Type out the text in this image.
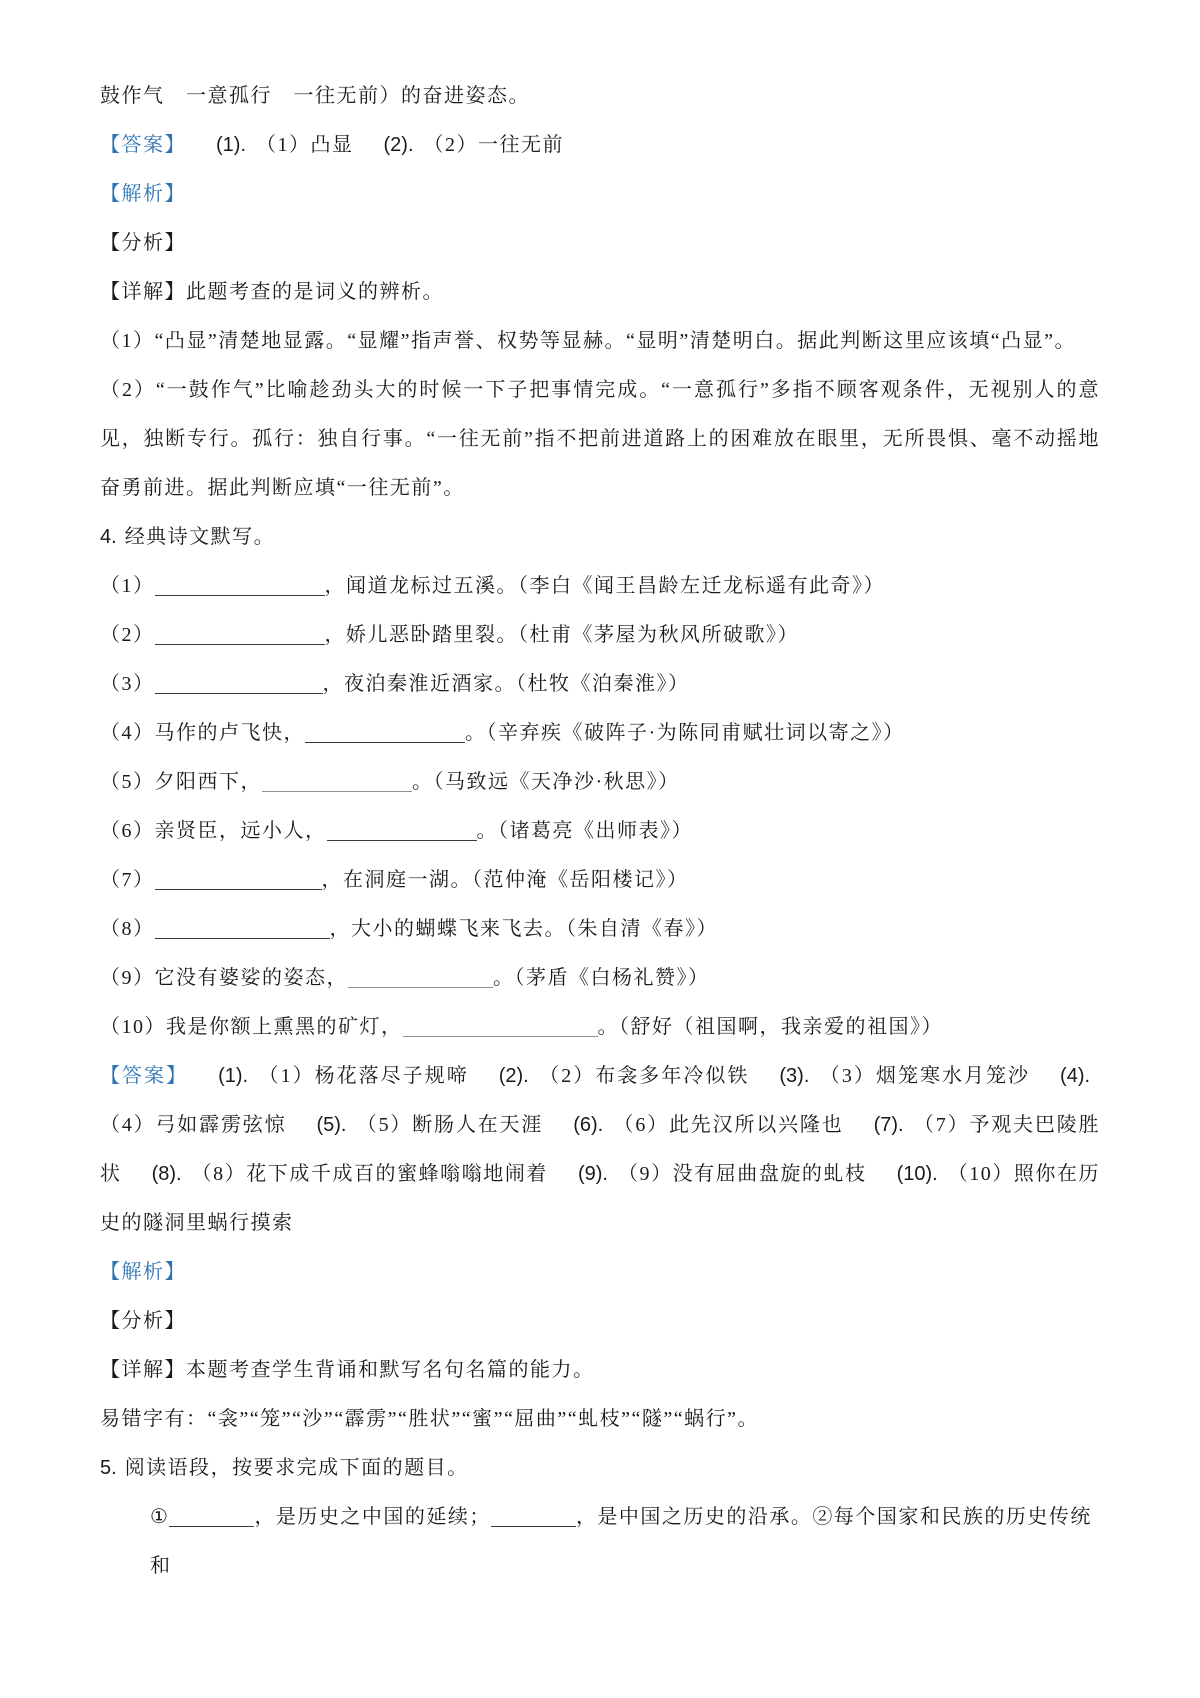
鼓作气　一意孤行　一往无前）的奋进姿态。

【答案】 (1). （1）凸显 (2). （2）一往无前

【解析】

【分析】

【详解】此题考查的是词义的辨析。

（1）“凸显”清楚地显露。“显耀”指声誉、权势等显赫。“显明”清楚明白。据此判断这里应该填“凸显”。

（2）“一鼓作气”比喻趁劲头大的时候一下子把事情完成。“一意孤行”多指不顾客观条件，无视别人的意见，独断专行。孤行：独自行事。“一往无前”指不把前进道路上的困难放在眼里，无所畏惧、毫不动摇地奋勇前进。据此判断应填“一往无前”。

4. 经典诗文默写。

（1）	，闻道龙标过五溪。（李白《闻王昌龄左迁龙标遥有此奇》）

（2）	，娇儿恶卧踏里裂。（杜甫《茅屋为秋风所破歌》）

（3）	，夜泊秦淮近酒家。（杜牧《泊秦淮》）

（4）马作的卢飞快，	。（辛弃疾《破阵子·为陈同甫赋壮词以寄之》）

（5）夕阳西下，	。（马致远《天净沙·秋思》）

（6）亲贤臣，远小人，	。（诸葛亮《出师表》）

（7）	，在洞庭一湖。（范仲淹《岳阳楼记》）

（8）	，大小的蝴蝶飞来飞去。（朱自清《春》）

（9）它没有婆娑的姿态，	。（茅盾《白杨礼赞》）

（10）我是你额上熏黑的矿灯，	。（舒好（祖国啊，我亲爱的祖国》）

【答案】 (1). （1）杨花落尽子规啼 (2). （2）布衾多年冷似铁 (3). （3）烟笼寒水月笼沙 (4).（4）弓如霹雳弦惊 (5). （5）断肠人在天涯 (6). （6）此先汉所以兴隆也 (7). （7）予观夫巴陵胜状 (8). （8）花下成千成百的蜜蜂嗡嗡地闹着 (9). （9）没有屈曲盘旋的虬枝 (10). （10）照你在历史的隧洞里蜗行摸索

【解析】

【分析】

【详解】本题考查学生背诵和默写名句名篇的能力。

易错字有：“衾”“笼”“沙”“霹雳”“胜状”“蜜”“屈曲”“虬枝”“隧”“蜗行”。

5. 阅读语段，按要求完成下面的题目。

①	，是历史之中国的延续；	，是中国之历史的沿承。②每个国家和民族的历史传统和
